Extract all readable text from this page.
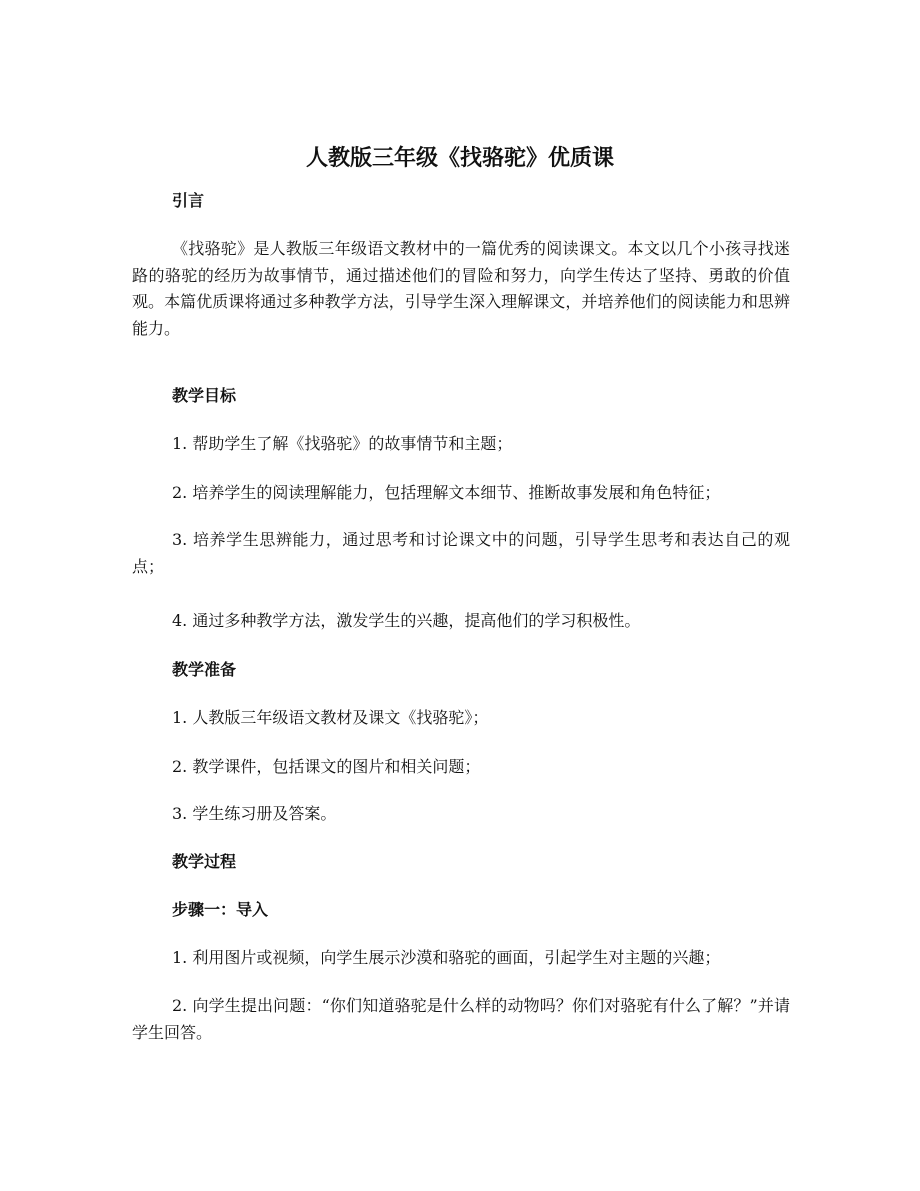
人教版三年级《找骆驼》优质课
引言
《找骆驼》是人教版三年级语文教材中的一篇优秀的阅读课文。本文以几个小孩寻找迷路的骆驼的经历为故事情节，通过描述他们的冒险和努力，向学生传达了坚持、勇敢的价值观。本篇优质课将通过多种教学方法，引导学生深入理解课文，并培养他们的阅读能力和思辨能力。
教学目标
1. 帮助学生了解《找骆驼》的故事情节和主题；
2. 培养学生的阅读理解能力，包括理解文本细节、推断故事发展和角色特征；
3. 培养学生思辨能力，通过思考和讨论课文中的问题，引导学生思考和表达自己的观点；
4. 通过多种教学方法，激发学生的兴趣，提高他们的学习积极性。
教学准备
1. 人教版三年级语文教材及课文《找骆驼》；
2. 教学课件，包括课文的图片和相关问题；
3. 学生练习册及答案。
教学过程
步骤一：导入
1. 利用图片或视频，向学生展示沙漠和骆驼的画面，引起学生对主题的兴趣；
2. 向学生提出问题：“你们知道骆驼是什么样的动物吗？你们对骆驼有什么了解？”并请学生回答。
